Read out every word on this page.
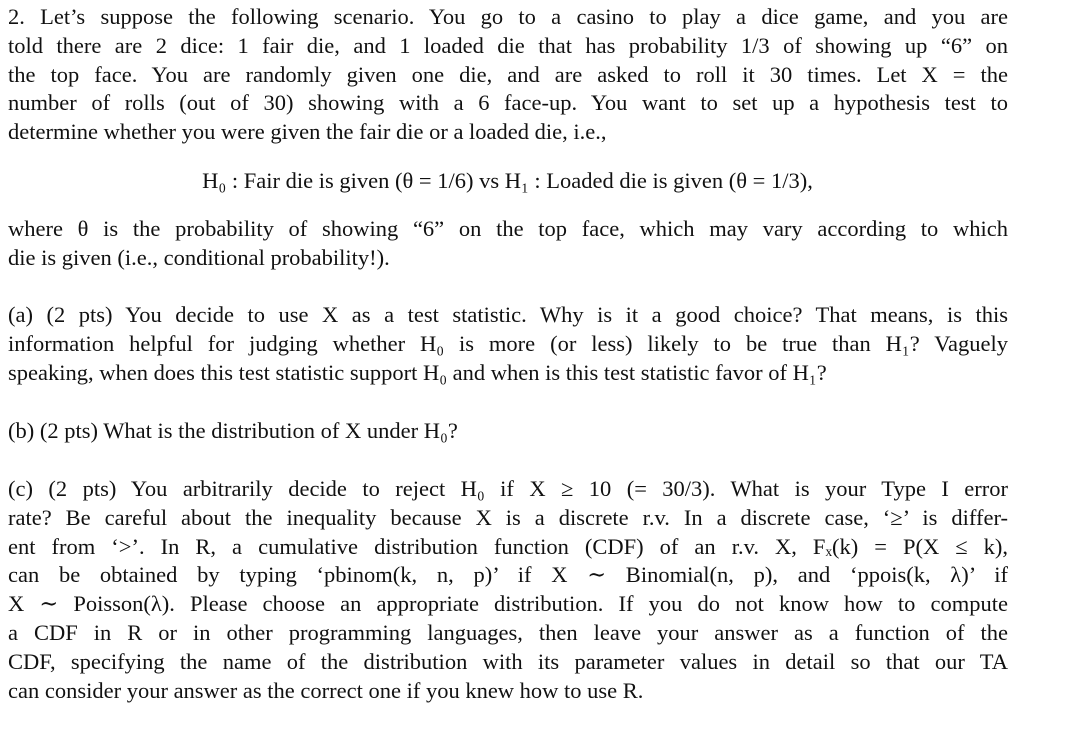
2. Let’s suppose the following scenario. You go to a casino to play a dice game, and you are
told there are 2 dice: 1 fair die, and 1 loaded die that has probability 1/3 of showing up “6” on
the top face. You are randomly given one die, and are asked to roll it 30 times. Let X = the
number of rolls (out of 30) showing with a 6 face-up. You want to set up a hypothesis test to
determine whether you were given the fair die or a loaded die, i.e.,
H₀ : Fair die is given (θ = 1/6) vs H₁ : Loaded die is given (θ = 1/3),
where θ is the probability of showing “6” on the top face, which may vary according to which
die is given (i.e., conditional probability!).
(a) (2 pts) You decide to use X as a test statistic. Why is it a good choice? That means, is this
information helpful for judging whether H₀ is more (or less) likely to be true than H₁? Vaguely
speaking, when does this test statistic support H₀ and when is this test statistic favor of H₁?
(b) (2 pts) What is the distribution of X under H₀?
(c) (2 pts) You arbitrarily decide to reject H₀ if X ≥ 10 (= 30/3). What is your Type I error
rate? Be careful about the inequality because X is a discrete r.v. In a discrete case, ‘≥’ is differ-
ent from ‘>’. In R, a cumulative distribution function (CDF) of an r.v. X, Fₓ(k) = P(X ≤ k),
can be obtained by typing ‘pbinom(k, n, p)’ if X ∼ Binomial(n, p), and ‘ppois(k, λ)’ if
X ∼ Poisson(λ). Please choose an appropriate distribution. If you do not know how to compute
a CDF in R or in other programming languages, then leave your answer as a function of the
CDF, specifying the name of the distribution with its parameter values in detail so that our TA
can consider your answer as the correct one if you knew how to use R.
